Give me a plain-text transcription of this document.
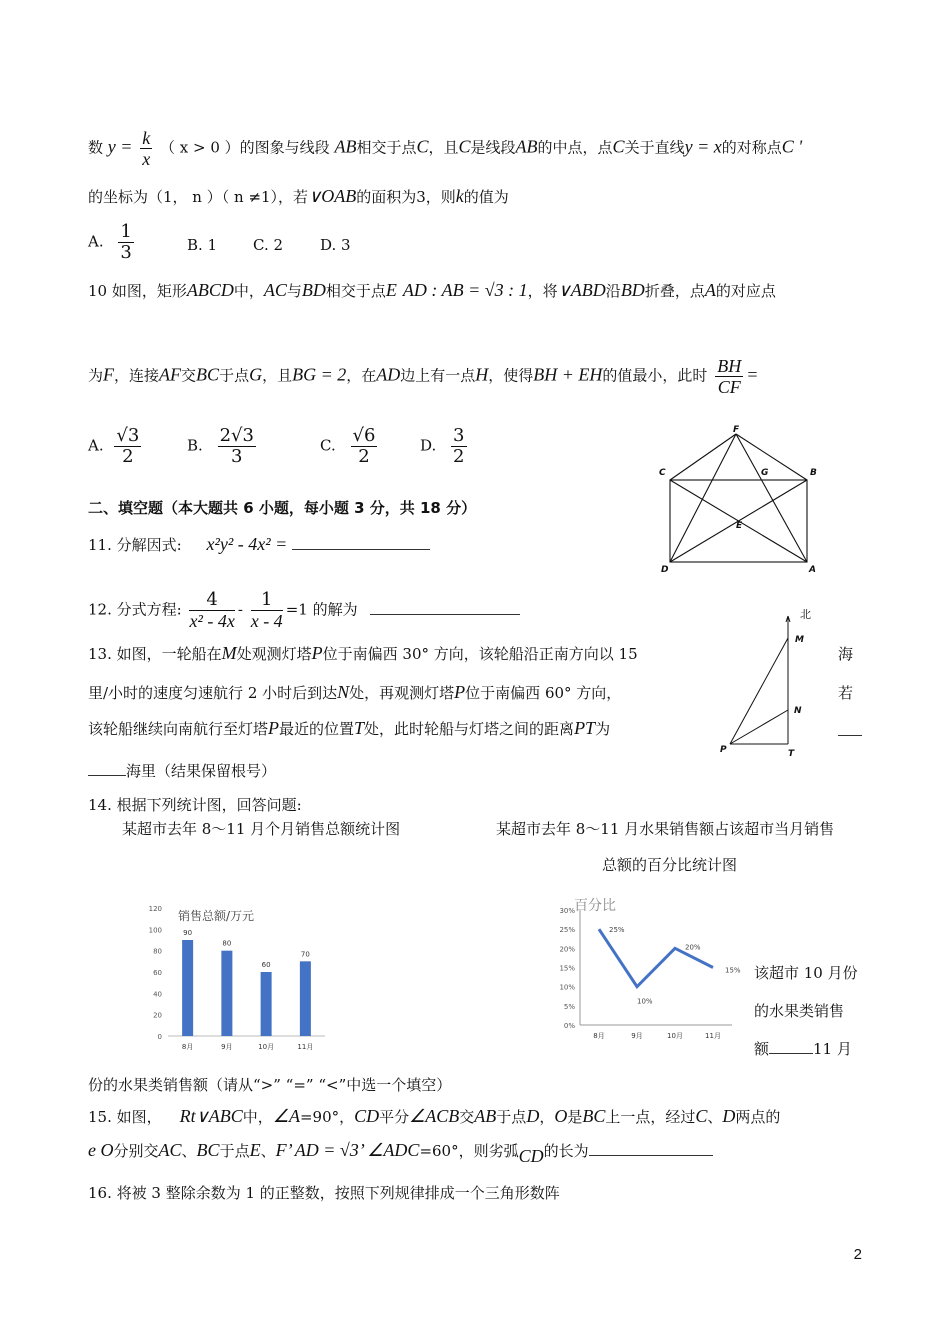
数 $y = \frac{k}{x}$ （ x > 0 ）的图象与线段 AB相交于点C，且C是线段AB的中点，点C关于直线y = x的对称点C '
的坐标为（1， n ）（ n ≠1），若∨OAB的面积为3，则k的值为
A. $\frac{1}{3}$	B. 1 C. 2 D. 3
10 如图，矩形ABCD中，AC与BD相交于点E AD : AB = √3 : 1，将∨ABD沿BD折叠，点A的对应点
为F，连接AF交BC于点G，且BG = 2，在AD边上有一点H，使得BH + EH的值最小，此时 $\frac{BH}{CF}$ =
A. $\frac{√3}{2}$	B. $\frac{2√3}{3}$	C. $\frac{√6}{2}$	D. $\frac{3}{2}$	F
C	G	B
E
D	A
二、填空题（本大题共 6 小题，每小题 3 分，共 18 分）
11. 分解因式: x²y² - 4x² =
12. 分式方程: $\frac{4}{\text{x² - 4x}} - \frac{1}{x - 4} =1$ 的解为
13. 如图，一轮船在M处观测灯塔P位于南偏西 30° 方向，该轮船沿正南方向以 15	海
里/小时的速度匀速航行 2 小时后到达N处，再观测灯塔P位于南偏西 60° 方向，	若
该轮船继续向南航行至灯塔P最近的位置T处，此时轮船与灯塔之间的距离PT为
海里（结果保留根号）
北
M
N
P	T
14. 根据下列统计图，回答问题:
某超市去年 8～11 月个月销售总额统计图	某超市去年 8～11 月水果销售额占该超市当月销售
总额的百分比统计图
销售总额/万元
0
20
40
60
80
100
120
90
8月
80
9月
60
10月
70
11月
百分比
0%
5%
10%
15%
20%
25%
30%
25%
8月
10%
9月
20%
10月
15%
11月
该超市 10 月份
的水果类销售
额	11 月
份的水果类销售额（请从“>” “=” “<”中选一个填空）
15. 如图， Rt∨ABC中，∠A=90°，CD平分∠ACB交AB于点D，O是BC上一点，经过C、D两点的
e O分别交AC、BC于点E、F’ AD = √3’ ∠ADC=60°，则劣弧CD的长为
16. 将被 3 整除余数为 1 的正整数，按照下列规律排成一个三角形数阵
2
